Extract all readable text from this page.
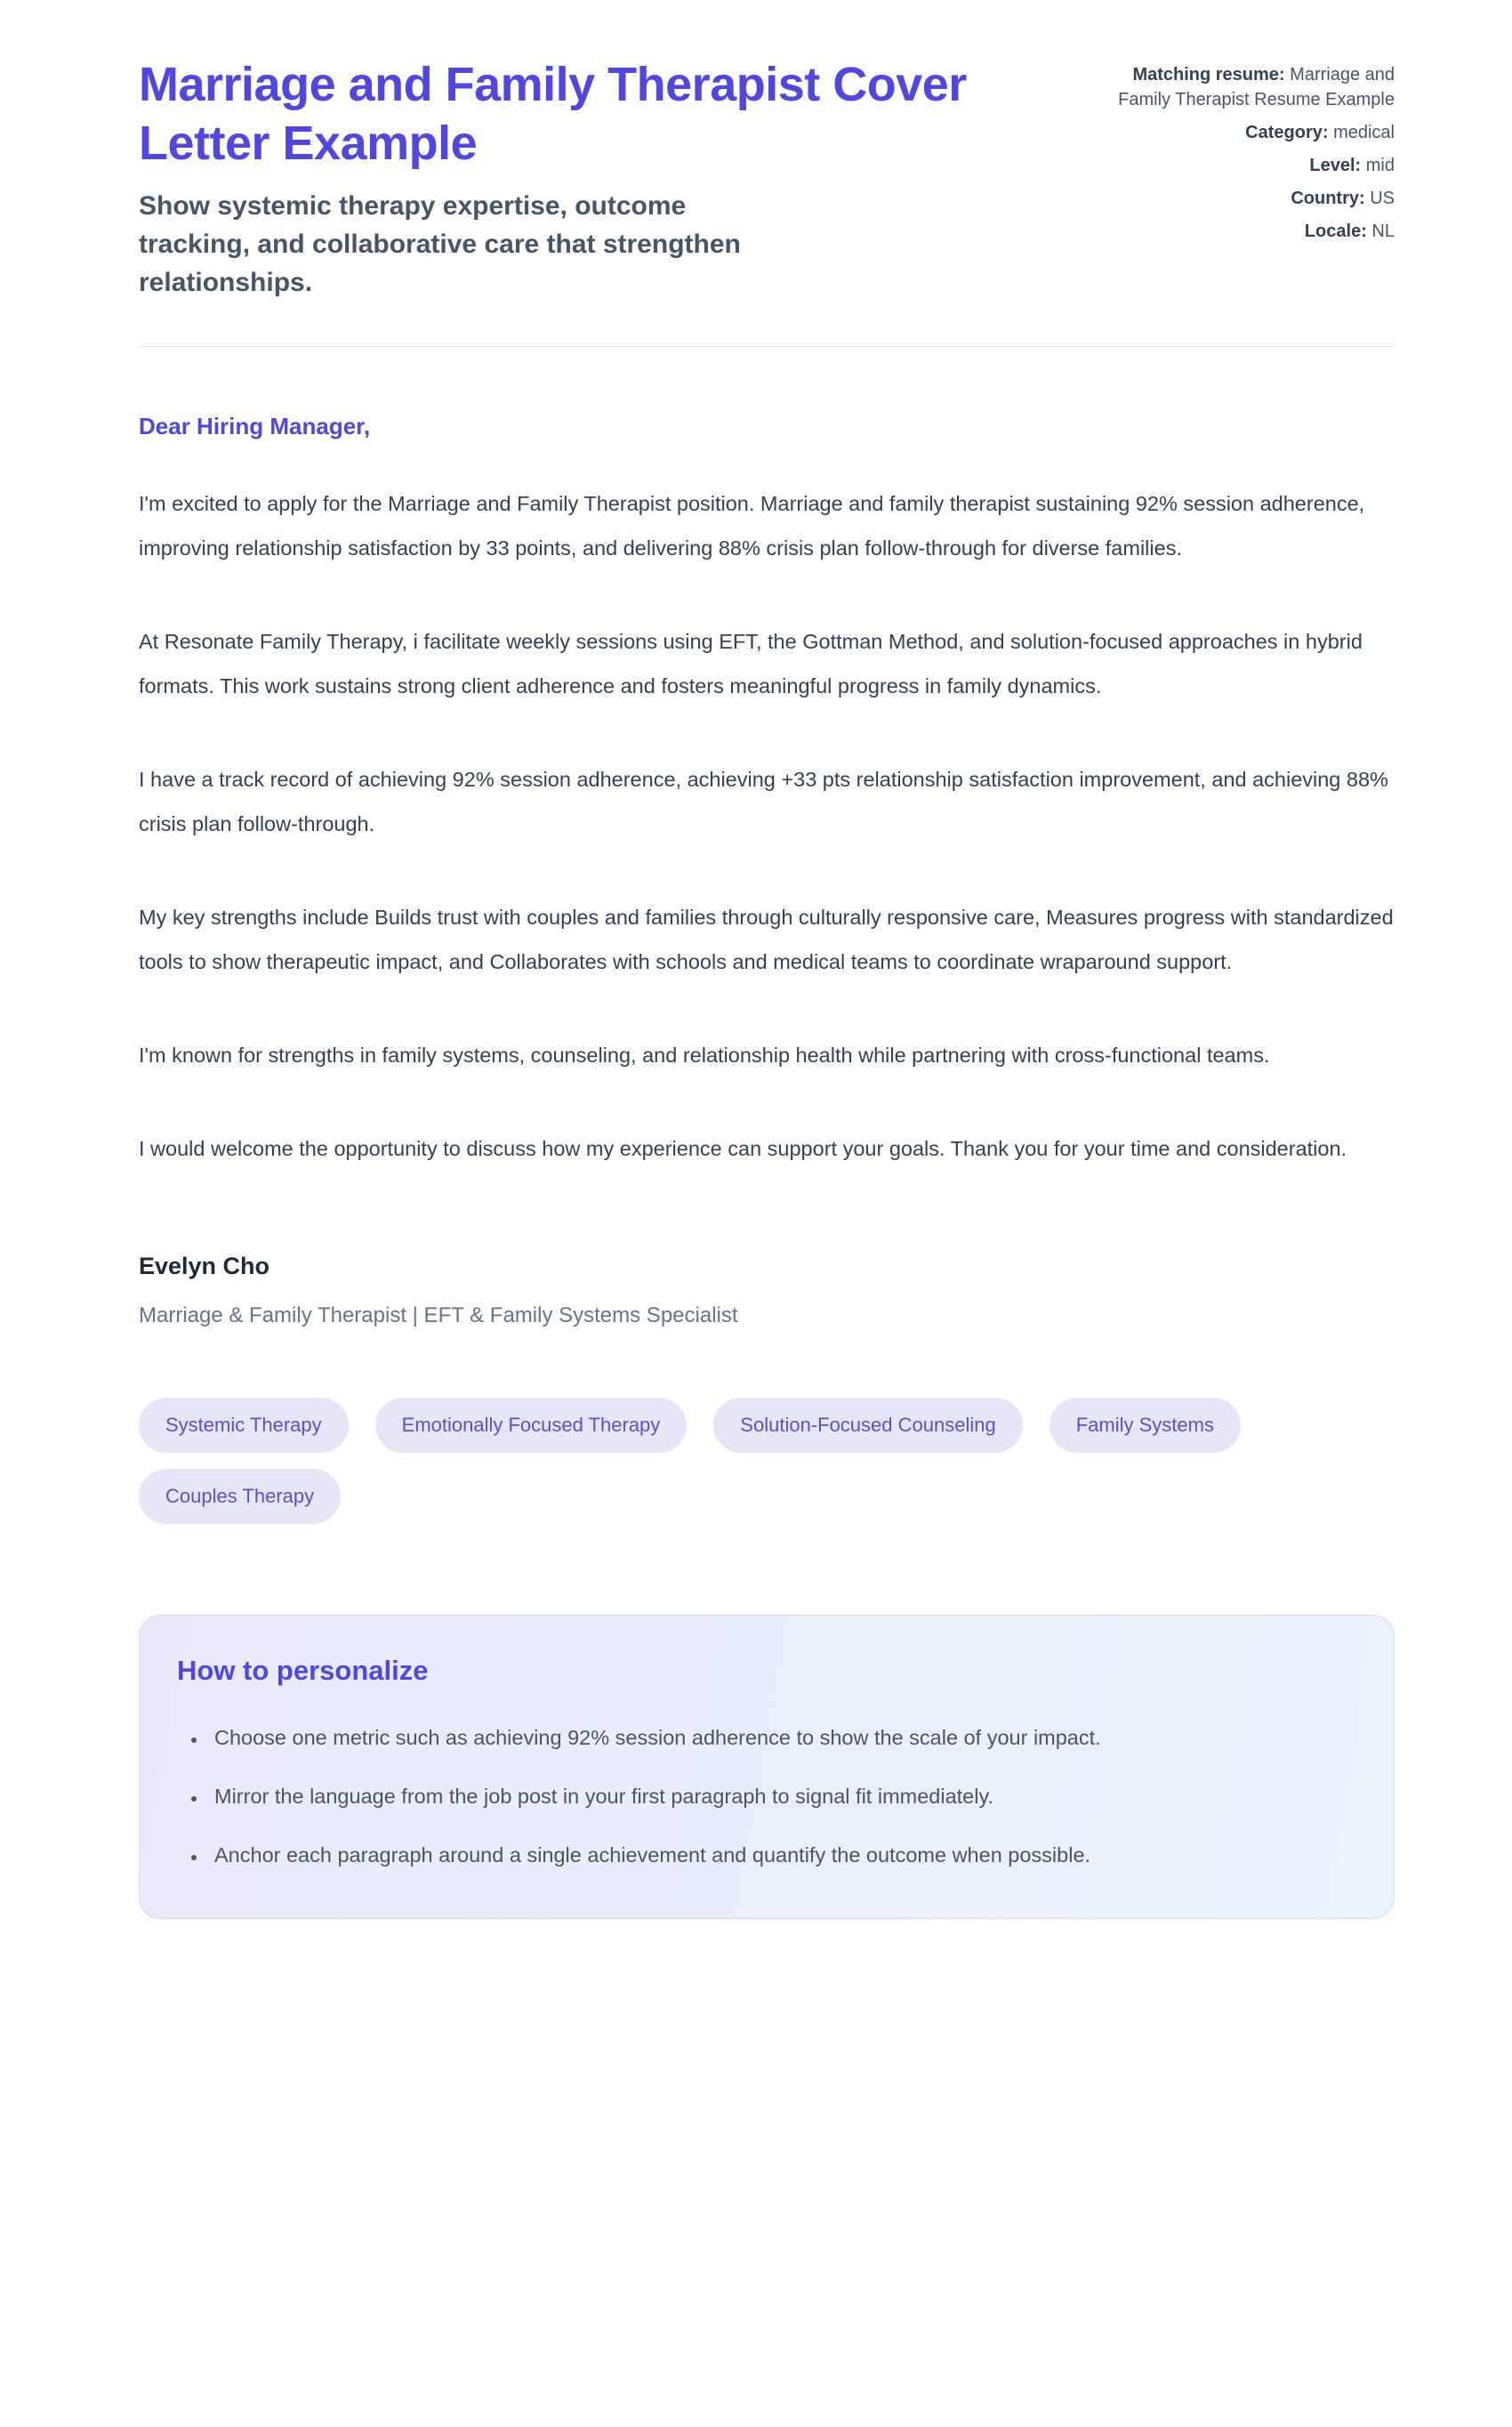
Marriage and Family Therapist Cover Letter Example

Show systemic therapy expertise, outcome tracking, and collaborative care that strengthen relationships.

Matching resume: Marriage and Family Therapist Resume Example
Category: medical
Level: mid
Country: US
Locale: NL

Dear Hiring Manager,

I'm excited to apply for the Marriage and Family Therapist position. Marriage and family therapist sustaining 92% session adherence, improving relationship satisfaction by 33 points, and delivering 88% crisis plan follow-through for diverse families.

At Resonate Family Therapy, i facilitate weekly sessions using EFT, the Gottman Method, and solution-focused approaches in hybrid formats. This work sustains strong client adherence and fosters meaningful progress in family dynamics.

I have a track record of achieving 92% session adherence, achieving +33 pts relationship satisfaction improvement, and achieving 88% crisis plan follow-through.

My key strengths include Builds trust with couples and families through culturally responsive care, Measures progress with standardized tools to show therapeutic impact, and Collaborates with schools and medical teams to coordinate wraparound support.

I'm known for strengths in family systems, counseling, and relationship health while partnering with cross-functional teams.

I would welcome the opportunity to discuss how my experience can support your goals. Thank you for your time and consideration.

Evelyn Cho

Marriage & Family Therapist | EFT & Family Systems Specialist

Systemic Therapy	Emotionally Focused Therapy	Solution-Focused Counseling	Family Systems
Couples Therapy
How to personalize
• Choose one metric such as achieving 92% session adherence to show the scale of your impact.
• Mirror the language from the job post in your first paragraph to signal fit immediately.
• Anchor each paragraph around a single achievement and quantify the outcome when possible.
